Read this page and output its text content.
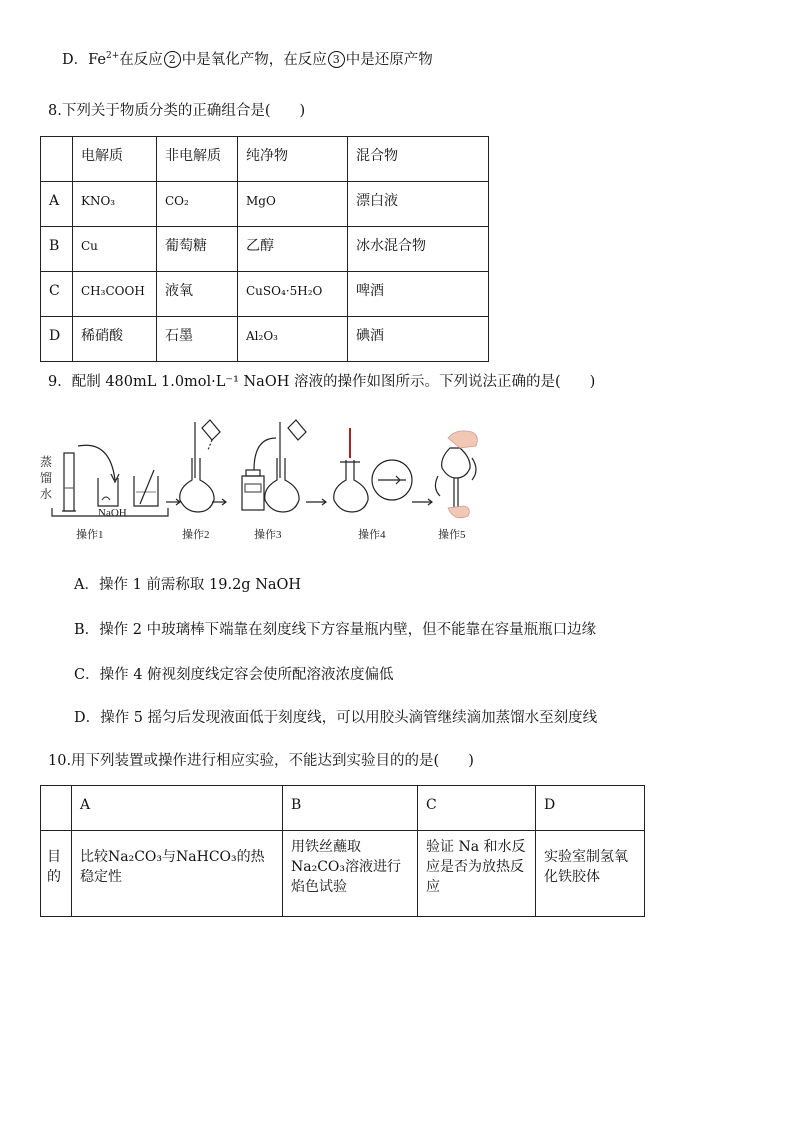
D．$Fe^{2+}$在反应 2 中是氧化产物，在反应 3 中是还原产物
8.下列关于物质分类的正确组合是(　　)

	电解质	非电解质	纯净物	混合物

A	KNO₃	CO₂	MgO	漂白液

B	Cu	葡萄糖	乙醇	冰水混合物

C	CH₃COOH	液氧	CuSO₄·5H₂O	啤酒

D	稀硝酸	石墨	Al₂O₃	碘酒
9．配制 480mL 1.0mol·L⁻¹ NaOH 溶液的操作如图所示。下列说法正确的是(　　)
蒸
馏
水
NaOH
操作1	操作2	操作3	操作4	操作5
A．操作 1 前需称取 19.2g NaOH
B．操作 2 中玻璃棒下端靠在刻度线下方容量瓶内壁，但不能靠在容量瓶瓶口边缘
C．操作 4 俯视刻度线定容会使所配溶液浓度偏低
D．操作 5 摇匀后发现液面低于刻度线，可以用胶头滴管继续滴加蒸馏水至刻度线
10.用下列装置或操作进行相应实验，不能达到实验目的的是(　　)

	A	B	C	D

目的	比较Na₂CO₃与NaHCO₃的热稳定性	用铁丝蘸取Na₂CO₃溶液进行焰色试验	验证 Na 和水反应是否为放热反应	实验室制氢氧化铁胶体
